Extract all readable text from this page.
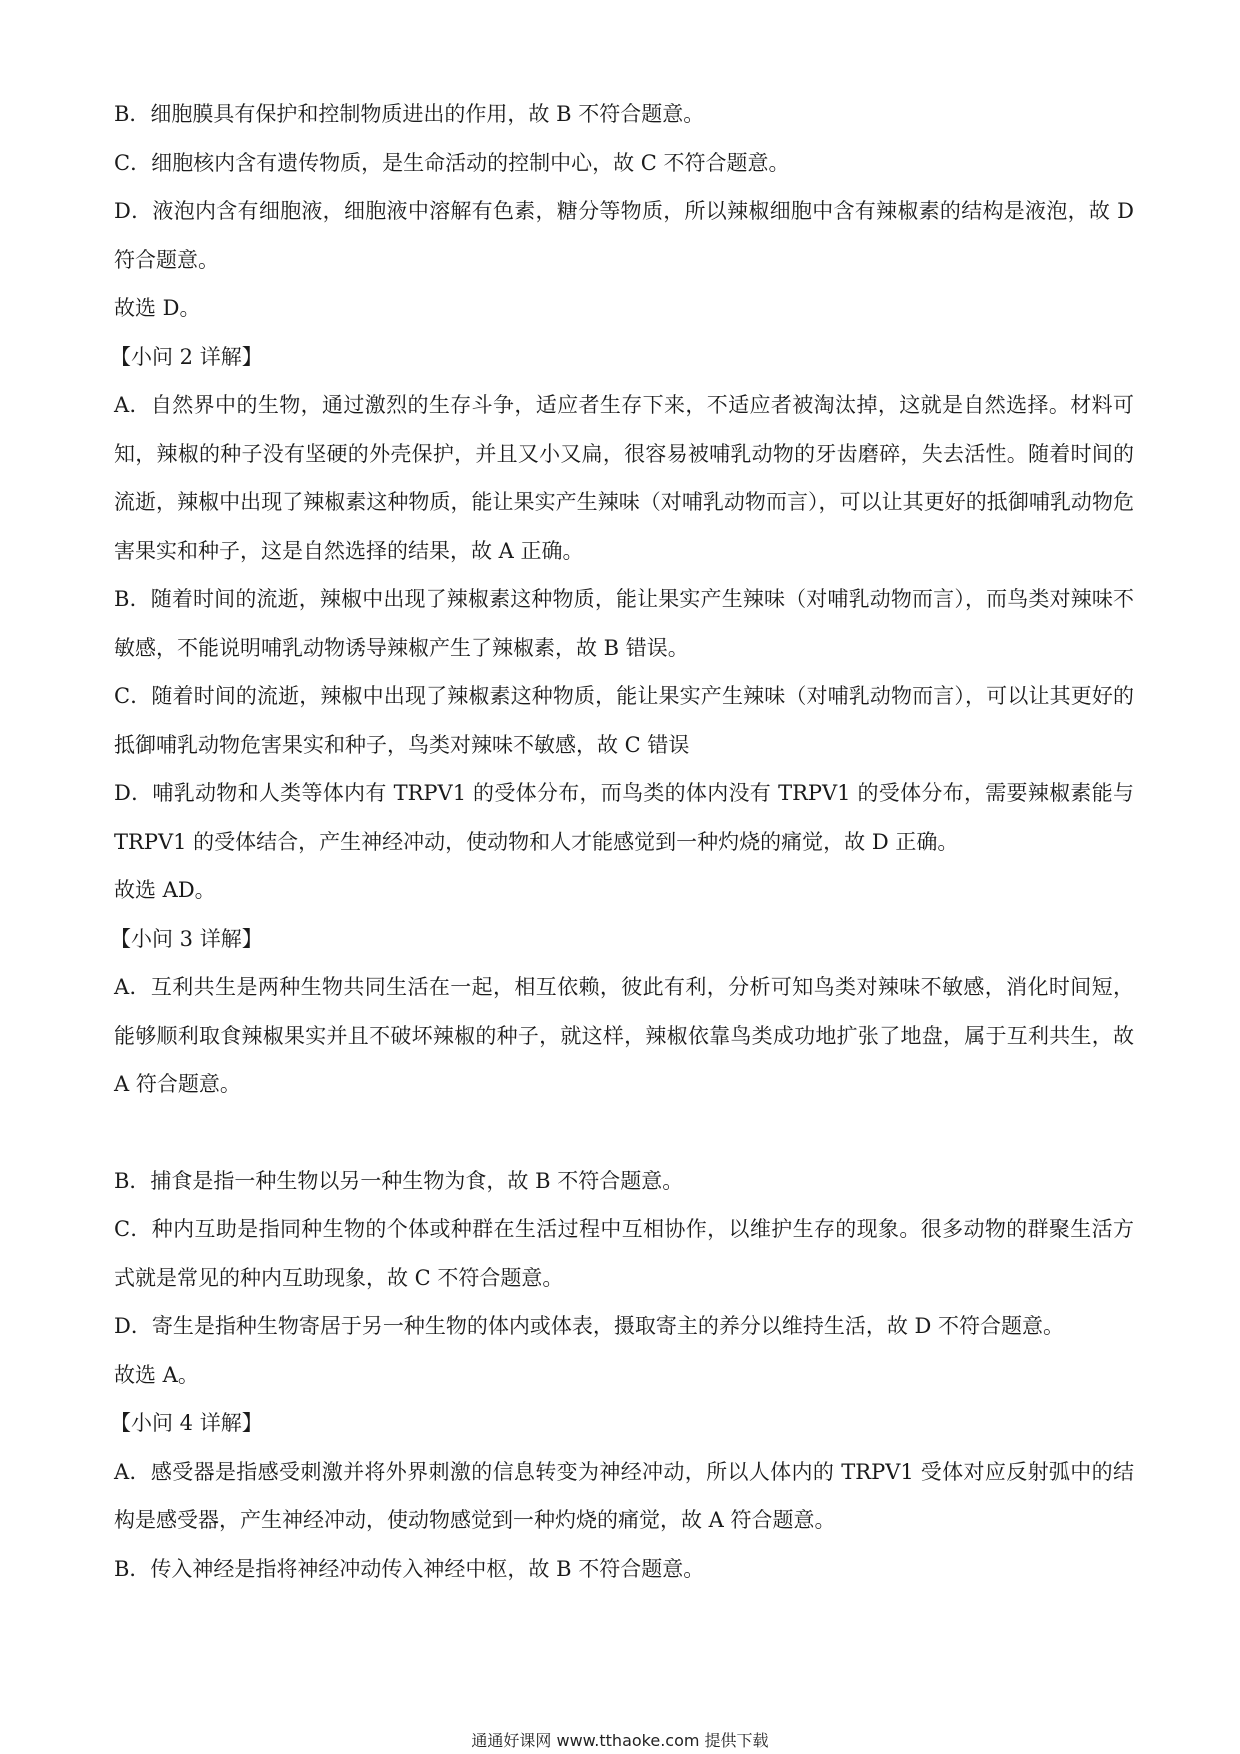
B．细胞膜具有保护和控制物质进出的作用，故 B 不符合题意。

C．细胞核内含有遗传物质，是生命活动的控制中心，故 C 不符合题意。

D．液泡内含有细胞液，细胞液中溶解有色素，糖分等物质，所以辣椒细胞中含有辣椒素的结构是液泡，故 D 符合题意。

故选 D。

【小问 2 详解】

A．自然界中的生物，通过激烈的生存斗争，适应者生存下来，不适应者被淘汰掉，这就是自然选择。材料可知，辣椒的种子没有坚硬的外壳保护，并且又小又扁，很容易被哺乳动物的牙齿磨碎，失去活性。随着时间的流逝，辣椒中出现了辣椒素这种物质，能让果实产生辣味（对哺乳动物而言），可以让其更好的抵御哺乳动物危害果实和种子，这是自然选择的结果，故 A 正确。

B．随着时间的流逝，辣椒中出现了辣椒素这种物质，能让果实产生辣味（对哺乳动物而言），而鸟类对辣味不敏感，不能说明哺乳动物诱导辣椒产生了辣椒素，故 B 错误。

C．随着时间的流逝，辣椒中出现了辣椒素这种物质，能让果实产生辣味（对哺乳动物而言），可以让其更好的抵御哺乳动物危害果实和种子，鸟类对辣味不敏感，故 C 错误

D．哺乳动物和人类等体内有 TRPV1 的受体分布，而鸟类的体内没有 TRPV1 的受体分布，需要辣椒素能与 TRPV1 的受体结合，产生神经冲动，使动物和人才能感觉到一种灼烧的痛觉，故 D 正确。

故选 AD。

【小问 3 详解】

A．互利共生是两种生物共同生活在一起，相互依赖，彼此有利，分析可知鸟类对辣味不敏感，消化时间短，能够顺利取食辣椒果实并且不破坏辣椒的种子，就这样，辣椒依靠鸟类成功地扩张了地盘，属于互利共生，故 A 符合题意。

B．捕食是指一种生物以另一种生物为食，故 B 不符合题意。

C．种内互助是指同种生物的个体或种群在生活过程中互相协作，以维护生存的现象。很多动物的群聚生活方式就是常见的种内互助现象，故 C 不符合题意。

D．寄生是指种生物寄居于另一种生物的体内或体表，摄取寄主的养分以维持生活，故 D 不符合题意。

故选 A。

【小问 4 详解】

A．感受器是指感受刺激并将外界刺激的信息转变为神经冲动，所以人体内的 TRPV1 受体对应反射弧中的结构是感受器，产生神经冲动，使动物感觉到一种灼烧的痛觉，故 A 符合题意。

B．传入神经是指将神经冲动传入神经中枢，故 B 不符合题意。

通通好课网 www.tthaoke.com 提供下载
